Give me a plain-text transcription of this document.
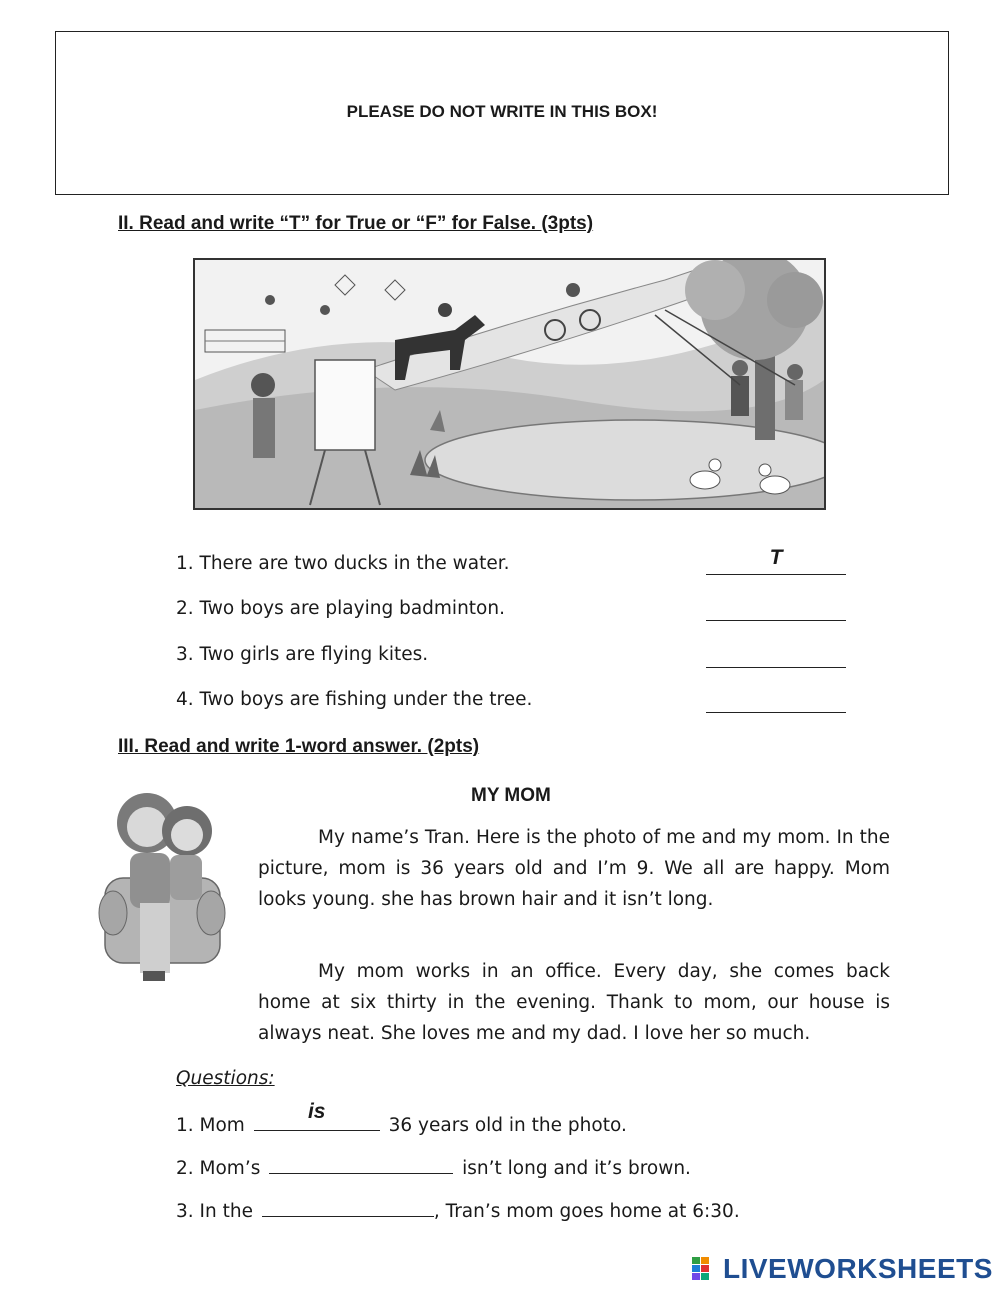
PLEASE DO NOT WRITE IN THIS BOX!
II. Read and write “T” for True or “F” for False. (3pts)
1. There are two ducks in the water.	T
2. Two boys are playing badminton.
3. Two girls are flying kites.
4. Two boys are fishing under the tree.
III. Read and write 1-word answer. (2pts)
MY MOM
My name’s Tran. Here is the photo of me and my mom. In the picture, mom is 36 years old and I’m 9. We all are happy. Mom looks young. she has brown hair and it isn’t long.
My mom works in an office. Every day, she comes back home at six thirty in the evening. Thank to mom, our house is always neat. She loves me and my dad. I love her so much.
Questions:
1. Mom
is
36 years old in the photo.
2. Mom’s	isn’t long and it’s brown.
3. In the	, Tran’s mom goes home at 6:30.
LIVEWORKSHEETS
